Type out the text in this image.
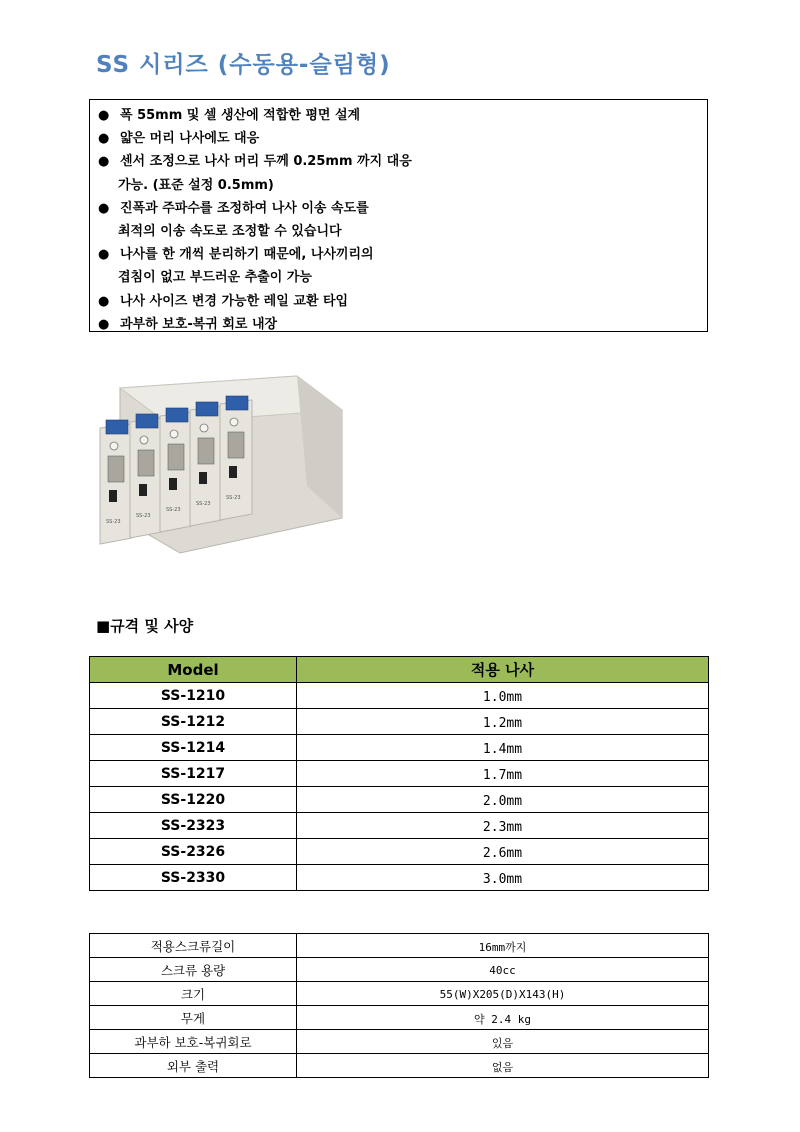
SS 시리즈 (수동용-슬림형)
● 폭 55mm 및 셀 생산에 적합한 평면 설계
● 얇은 머리 나사에도 대응
● 센서 조정으로 나사 머리 두께 0.25mm 까지 대응
가능. (표준 설정 0.5mm)
● 진폭과 주파수를 조정하여 나사 이송 속도를
최적의 이송 속도로 조정할 수 있습니다
● 나사를 한 개씩 분리하기 때문에, 나사끼리의
겹침이 없고 부드러운 추출이 가능
● 나사 사이즈 변경 가능한 레일 교환 타입
● 과부하 보호-복귀 회로 내장
SS-23
SS-23
SS-23
SS-23
SS-23
■규격 및 사양
Model	적용 나사
SS-1210	1.0mm
SS-1212	1.2mm
SS-1214	1.4mm
SS-1217	1.7mm
SS-1220	2.0mm
SS-2323	2.3mm
SS-2326	2.6mm
SS-2330	3.0mm
적용스크류길이	16mm까지
스크류 용량	40cc
크기	55(W)X205(D)X143(H)
무게	약 2.4 kg
과부하 보호-복귀회로	있음
외부 출력	없음
